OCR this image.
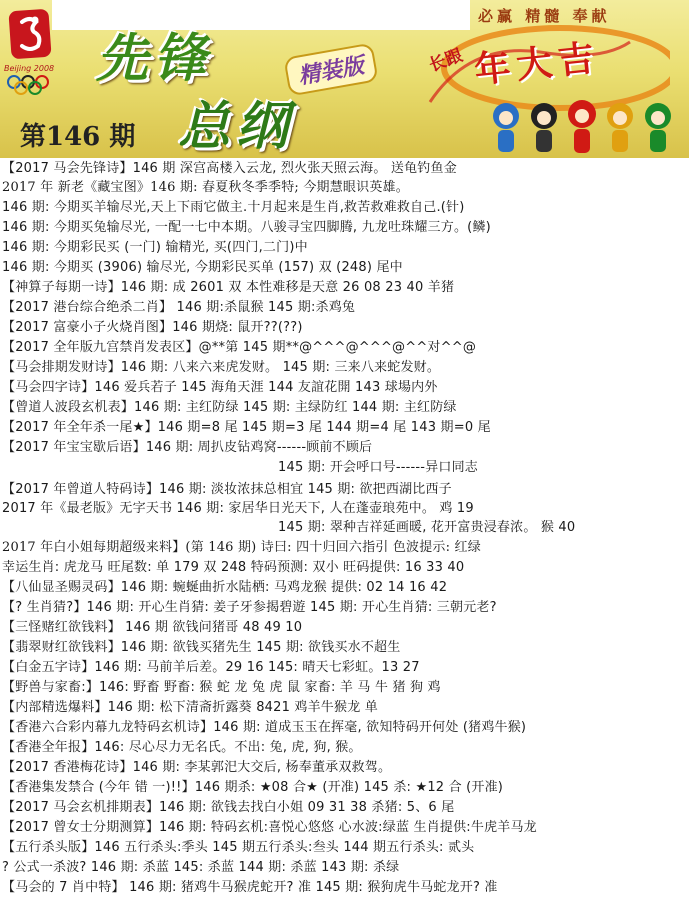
必赢 精髓 奉献
Beijing 2008 先锋
总纲
精装版
第146 期
长跟 年大吉
【2017 马会先锋诗】146 期 深宫高楼入云龙, 烈火张天照云海。 送龟钓鱼金
2017 年 新老《藏宝图》146 期: 春夏秋冬季季特; 今期慧眼识英雄。
146 期: 今期买羊输尽光,天上下雨它做主.十月起来是生肖,救苦救难救自己.(针)
146 期: 今期买兔输尽光, 一配一七中本期。八骏寻宝四脚腾, 九龙吐珠耀三方。(鳞)
146 期: 今期彩民买 (一门) 输精光, 买(四门,二门)中
146 期: 今期买 (3906) 输尽光, 今期彩民买单 (157) 双 (248) 尾中
【神算子每期一诗】146 期: 成 2601 双 本性难移是天意 26 08 23 40 羊猪
【2017 港台综合绝杀二肖】 146 期:杀鼠猴 145 期:杀鸡兔
【2017 富豪小子火烧肖图】146 期烧: 鼠开??(??)
【2017 全年版九宫禁肖发表区】@**第 145 期**@^^^@^^^@^^对^^@
【马会排期发财诗】146 期: 八来六来虎发财。 145 期: 三来八来蛇发财。
【马会四字诗】146 爱兵若子 145 海角天涯 144 友誼花開 143 球場内外
【曾道人波段玄机表】146 期: 主红防绿 145 期: 主绿防红 144 期: 主红防绿
【2017 年全年杀一尾★】146 期=8 尾 145 期=3 尾 144 期=4 尾 143 期=0 尾
【2017 年宝宝歇后语】146 期: 周扒皮钻鸡窝------顾前不顾后
145 期: 开会呼口号------异口同志
【2017 年曾道人特码诗】146 期: 淡妆浓抹总相宜 145 期: 欲把西湖比西子
2017 年《最老版》无字天书 146 期: 家居华日光天下, 人在蓬壶琅苑中。 鸡 19
145 期: 翠种吉祥延画暖, 花开富贵浸春浓。 猴 40
2017 年白小姐每期超级来料】(第 146 期) 诗曰: 四十归回六指引 色波提示: 红绿
幸运生肖: 虎龙马 旺尾数: 单 179 双 248 特码预测: 双小 旺码提供: 16 33 40
【八仙显圣赐灵码】146 期: 蜿蜒曲折水陆栖: 马鸡龙猴 提供: 02 14 16 42
【? 生肖猜?】146 期: 开心生肖猜: 姜子牙参揭碧遊 145 期: 开心生肖猜: 三朝元老?
【三怪赌红欲钱料】 146 期 欲钱问猪哥 48 49 10
【翡翠财红欲钱料】146 期: 欲钱买猪先生 145 期: 欲钱买水不超生
【白金五字诗】146 期: 马前羊后差。29 16 145: 晴天七彩虹。13 27
【野兽与家畜:】146: 野畜 野畜: 猴 蛇 龙 兔 虎 鼠 家畜: 羊 马 牛 猪 狗 鸡
【内部精选爆料】146 期: 松下清斋折露葵 8421 鸡羊牛猴龙 单
【香港六合彩内幕九龙特码玄机诗】146 期: 道成玉玉在挥毫, 欲知特码开何处 (猪鸡牛猴)
【香港全年报】146: 尽心尽力无名氏。不出: 兔, 虎, 狗, 猴。
【2017 香港梅花诗】146 期: 李某郭汜大交后, 杨奉董承双救驾。
【香港集发禁合 (今年 错 一)!!】146 期杀: ★08 合★ (开准) 145 杀: ★12 合 (开准)
【2017 马会玄机排期表】146 期: 欲钱去找白小姐 09 31 38 杀猪: 5、6 尾
【2017 曾女士分期测算】146 期: 特码玄机:喜悦心悠悠 心水波:绿蓝 生肖提供:牛虎羊马龙
【五行杀头版】146 五行杀头:季头 145 期五行杀头:叁头 144 期五行杀头: 贰头
? 公式一杀波? 146 期: 杀蓝 145: 杀蓝 144 期: 杀蓝 143 期: 杀绿
【马会的 7 肖中特】 146 期: 猪鸡牛马猴虎蛇开? 准 145 期: 猴狗虎牛马蛇龙开? 准
